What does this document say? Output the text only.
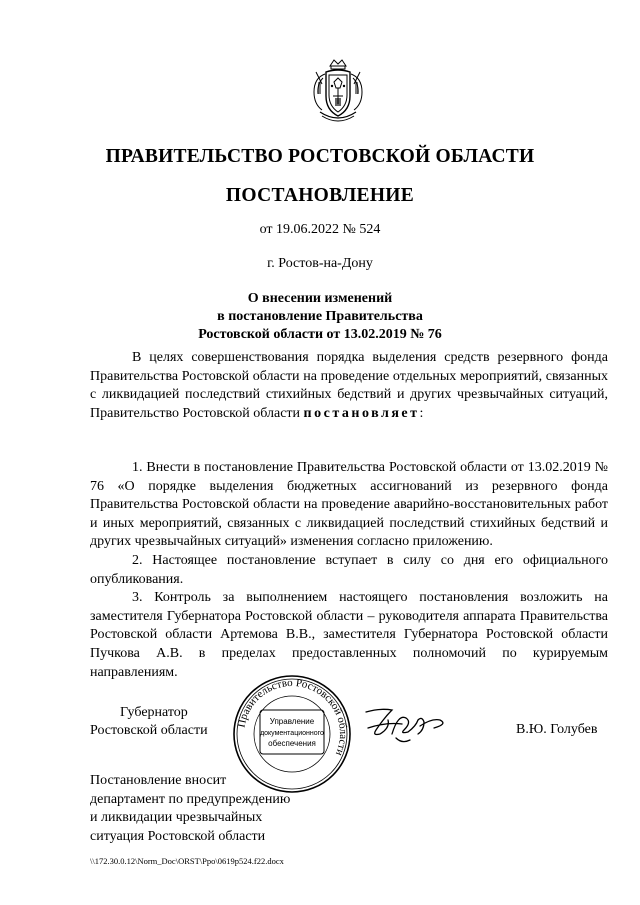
ПРАВИТЕЛЬСТВО РОСТОВСКОЙ ОБЛАСТИ
ПОСТАНОВЛЕНИЕ
от 19.06.2022 № 524
г. Ростов-на-Дону
О внесении изменений
в постановление Правительства
Ростовской области от 13.02.2019 № 76

В целях совершенствования порядка выделения средств резервного фонда Правительства Ростовской области на проведение отдельных мероприятий, связанных с ликвидацией последствий стихийных бедствий и других чрезвычайных ситуаций, Правительство Ростовской области постановляет:

1. Внести в постановление Правительства Ростовской области от 13.02.2019 № 76 «О порядке выделения бюджетных ассигнований из резервного фонда Правительства Ростовской области на проведение аварийно-восстановительных работ и иных мероприятий, связанных с ликвидацией последствий стихийных бедствий и других чрезвычайных ситуаций» изменения согласно приложению.

2. Настоящее постановление вступает в силу со дня его официального опубликования.

3. Контроль за выполнением настоящего постановления возложить на заместителя Губернатора Ростовской области – руководителя аппарата Правительства Ростовской области Артемова В.В., заместителя Губернатора Ростовской области Пучкова А.В. в пределах предоставленных полномочий по курируемым направлениям.

Губернатор
Ростовской области	Правительство Ростовской области
Управление
документационного
обеспечения
В.Ю. Голубев
Постановление вносит
департамент по предупреждению
и ликвидации чрезвычайных
ситуация Ростовской области
\\172.30.0.12\Norm_Doc\ORST\Ppo\0619p524.f22.docx
